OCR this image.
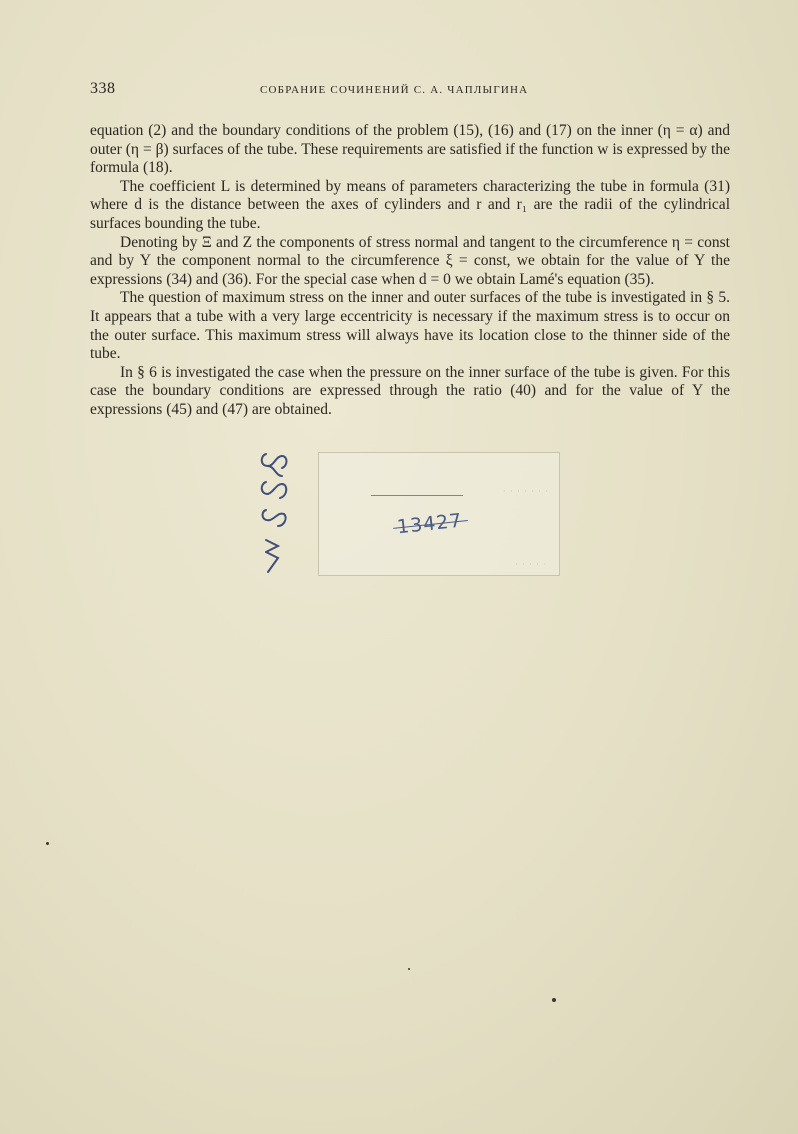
338	СОБРАНИЕ СОЧИНЕНИЙ С. А. ЧАПЛЫГИНА

equation (2) and the boundary conditions of the problem (15), (16) and (17) on the inner (η = α) and outer (η = β) surfaces of the tube. These requirements are satisfied if the function w is expressed by the formula (18).

The coefficient L is determined by means of parameters characterizing the tube in formula (31) where d is the distance between the axes of cylinders and r and r₁ are the radii of the cylindrical surfaces bounding the tube.

Denoting by Ξ and Z the components of stress normal and tangent to the circumference η = const and by Y the component normal to the circumference ξ = const, we obtain for the value of Y the expressions (34) and (36). For the special case when d = 0 we obtain Lamé's equation (35).

The question of maximum stress on the inner and outer surfaces of the tube is investigated in § 5. It appears that a tube with a very large eccentricity is necessary if the maximum stress is to occur on the outer surface. This maximum stress will always have its location close to the thinner side of the tube.

In § 6 is investigated the case when the pressure on the inner surface of the tube is given. For this case the boundary conditions are expressed through the ratio (40) and for the value of Y the expressions (45) and (47) are obtained.

· · · · · · ·
13427
· · · · ·
